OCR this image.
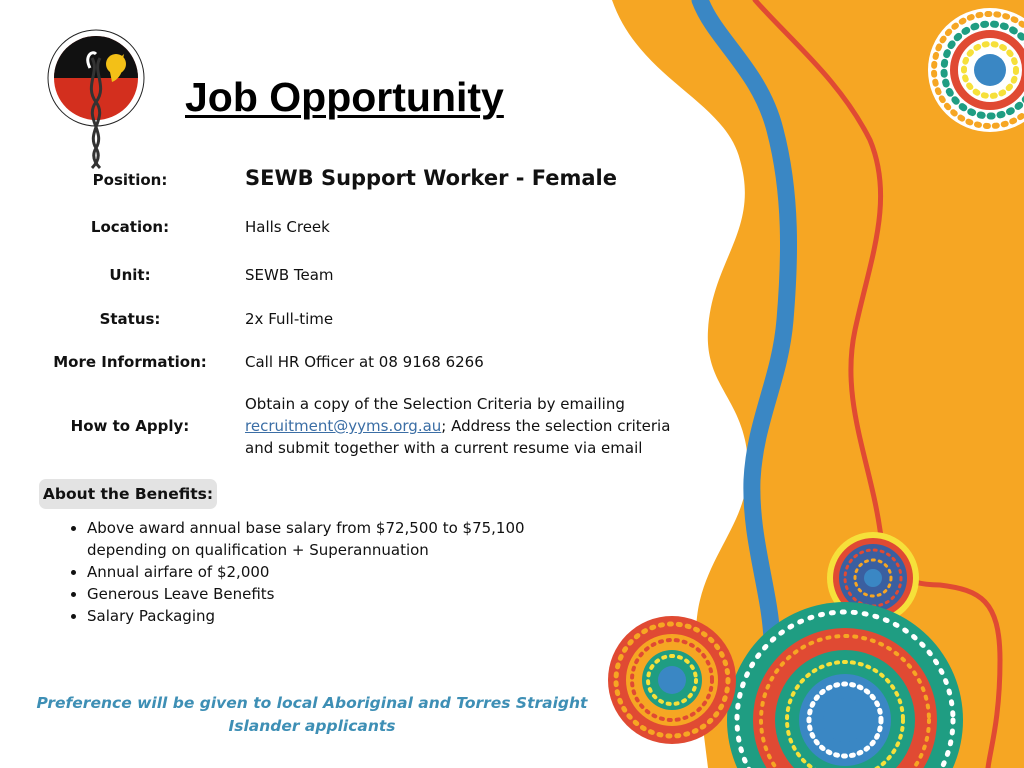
Job Opportunity
Position:	SEWB Support Worker - Female
Location:	Halls Creek
Unit:	SEWB Team
Status:	2x Full-time
More Information:	Call HR Officer at 08 9168 6266
How to Apply:
Obtain a copy of the Selection Criteria by emailing
recruitment@yyms.org.au; Address the selection criteria
and submit together with a current resume via email
About the Benefits:
• Above award annual base salary from $72,500 to $75,100 depending on qualification + Superannuation
• Annual airfare of $2,000
• Generous Leave Benefits
• Salary Packaging
Preference will be given to local Aboriginal and Torres Straight Islander applicants
